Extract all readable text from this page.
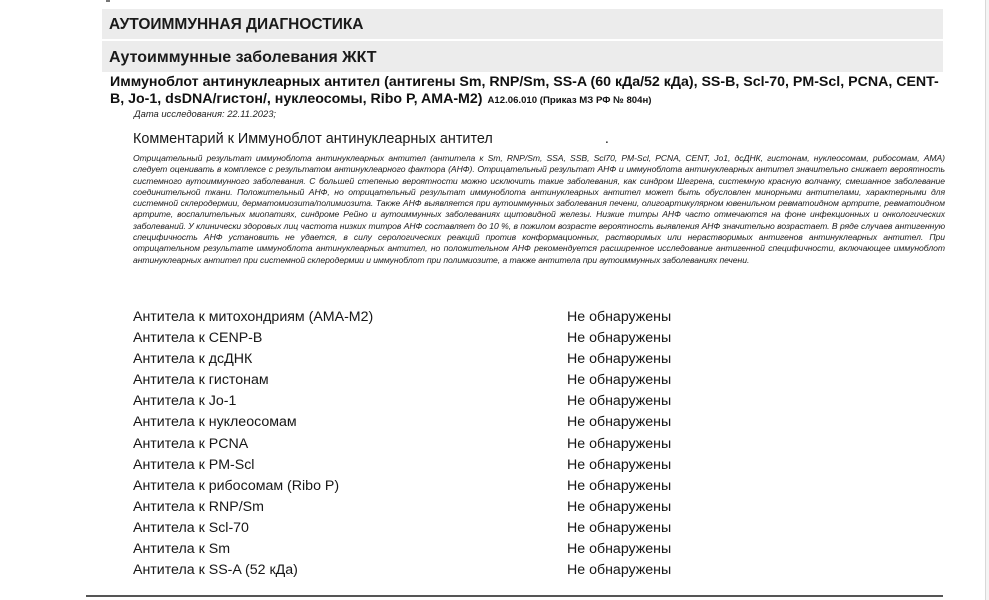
АУТОИММУННАЯ ДИАГНОСТИКА
Аутоиммунные заболевания ЖКТ
Иммуноблот антинуклеарных антител (антигены Sm, RNP/Sm, SS-A (60 кДа/52 кДа), SS-B, Scl-70, PM-Scl, PCNA, CENT-B, Jo-1, dsDNA/гистон/, нуклеосомы, Ribo P, AMA-M2) A12.06.010 (Приказ МЗ РФ № 804н)
Дата исследования: 22.11.2023;
Комментарий к Иммуноблот антинуклеарных антител	.
Отрицательный результат иммуноблота антинуклеарных антител (антитела к Sm, RNP/Sm, SSA, SSB, Scl70, PM-Scl, PCNA, CENT, Jo1, дсДНК, гистонам, нуклеосомам, рибосомам, AMA) следует оценивать в комплексе с результатом антинуклеарного фактора (АНФ). Отрицательный результат АНФ и иммуноблота антинуклеарных антител значительно снижает вероятность системного аутоиммунного заболевания. С большей степенью вероятности можно исключить такие заболевания, как синдром Шегрена, системную красную волчанку, смешанное заболевание соединительной ткани. Положительный АНФ, но отрицательный результат иммуноблота антинуклеарных антител может быть обусловлен минорными антителами, характерными для системной склеродермии, дерматомиозита/полимиозита. Также АНФ выявляется при аутоиммунных заболевания печени, олигоартикулярном ювенильном ревматоидном артрите, ревматоидном артрите, воспалительных миопатиях, синдроме Рейно и аутоиммунных заболеваниях щитовидной железы. Низкие титры АНФ часто отмечаются на фоне инфекционных и онкологических заболеваний. У клинически здоровых лиц частота низких титров АНФ составляет до 10 %, в пожилом возрасте вероятность выявления АНФ значительно возрастает. В ряде случаев антигенную специфичность АНФ установить не удается, в силу серологических реакций против конформационных, растворимых или нерастворимых антигенов антинуклеарных антител. При отрицательном результате иммуноблота антинуклеарных антител, но положительном АНФ рекомендуется расширенное исследование антигенной специфичности, включающее иммуноблот антинуклеарных антител при системной склеродермии и иммуноблот при полимиозите, а также антитела при аутоиммунных заболеваниях печени.
Антитела к митохондриям (AMA-M2)	Не обнаружены
Антитела к CENP-B	Не обнаружены
Антитела к дсДНК	Не обнаружены
Антитела к гистонам	Не обнаружены
Антитела к Jo-1	Не обнаружены
Антитела к нуклеосомам	Не обнаружены
Антитела к PCNA	Не обнаружены
Антитела к PM-Scl	Не обнаружены
Антитела к рибосомам (Ribo P)	Не обнаружены
Антитела к RNP/Sm	Не обнаружены
Антитела к Scl-70	Не обнаружены
Антитела к Sm	Не обнаружены
Антитела к SS-A (52 кДа)	Не обнаружены
